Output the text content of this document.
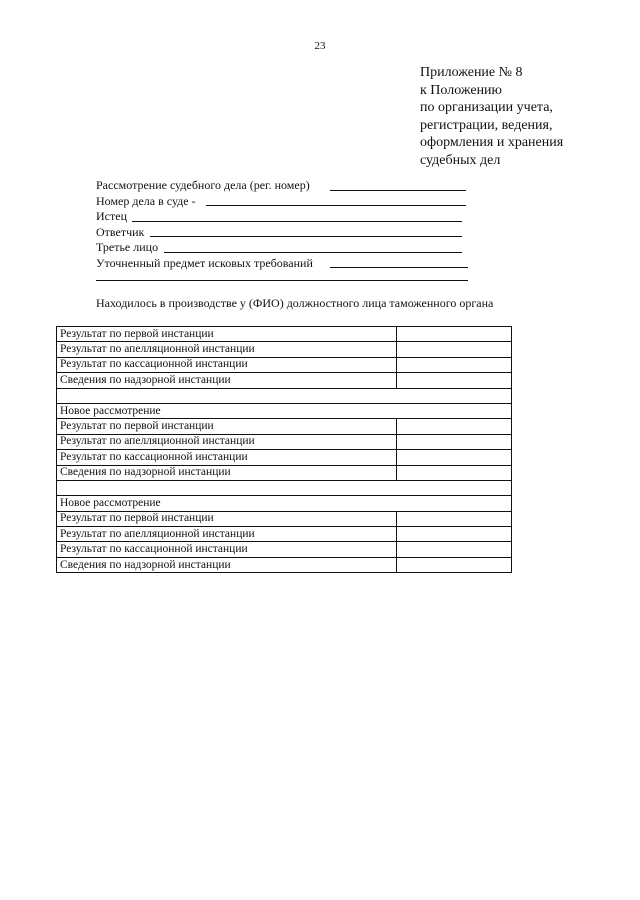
23
Приложение № 8
к Положению
по организации учета,
регистрации, ведения,
оформления и хранения
судебных дел
Рассмотрение судебного дела (рег. номер)
Номер дела в суде -
Истец
Ответчик
Третье лицо
Уточненный предмет исковых требований
Находилось в производстве у (ФИО) должностного лица таможенного органа
Результат по первой инстанции	
Результат по апелляционной инстанции	
Результат по кассационной инстанции	
Сведения по надзорной инстанции	

Новое рассмотрение	
Результат по первой инстанции	
Результат по апелляционной инстанции	
Результат по кассационной инстанции	
Сведения по надзорной инстанции	

Новое рассмотрение	
Результат по первой инстанции	
Результат по апелляционной инстанции	
Результат по кассационной инстанции	
Сведения по надзорной инстанции	
